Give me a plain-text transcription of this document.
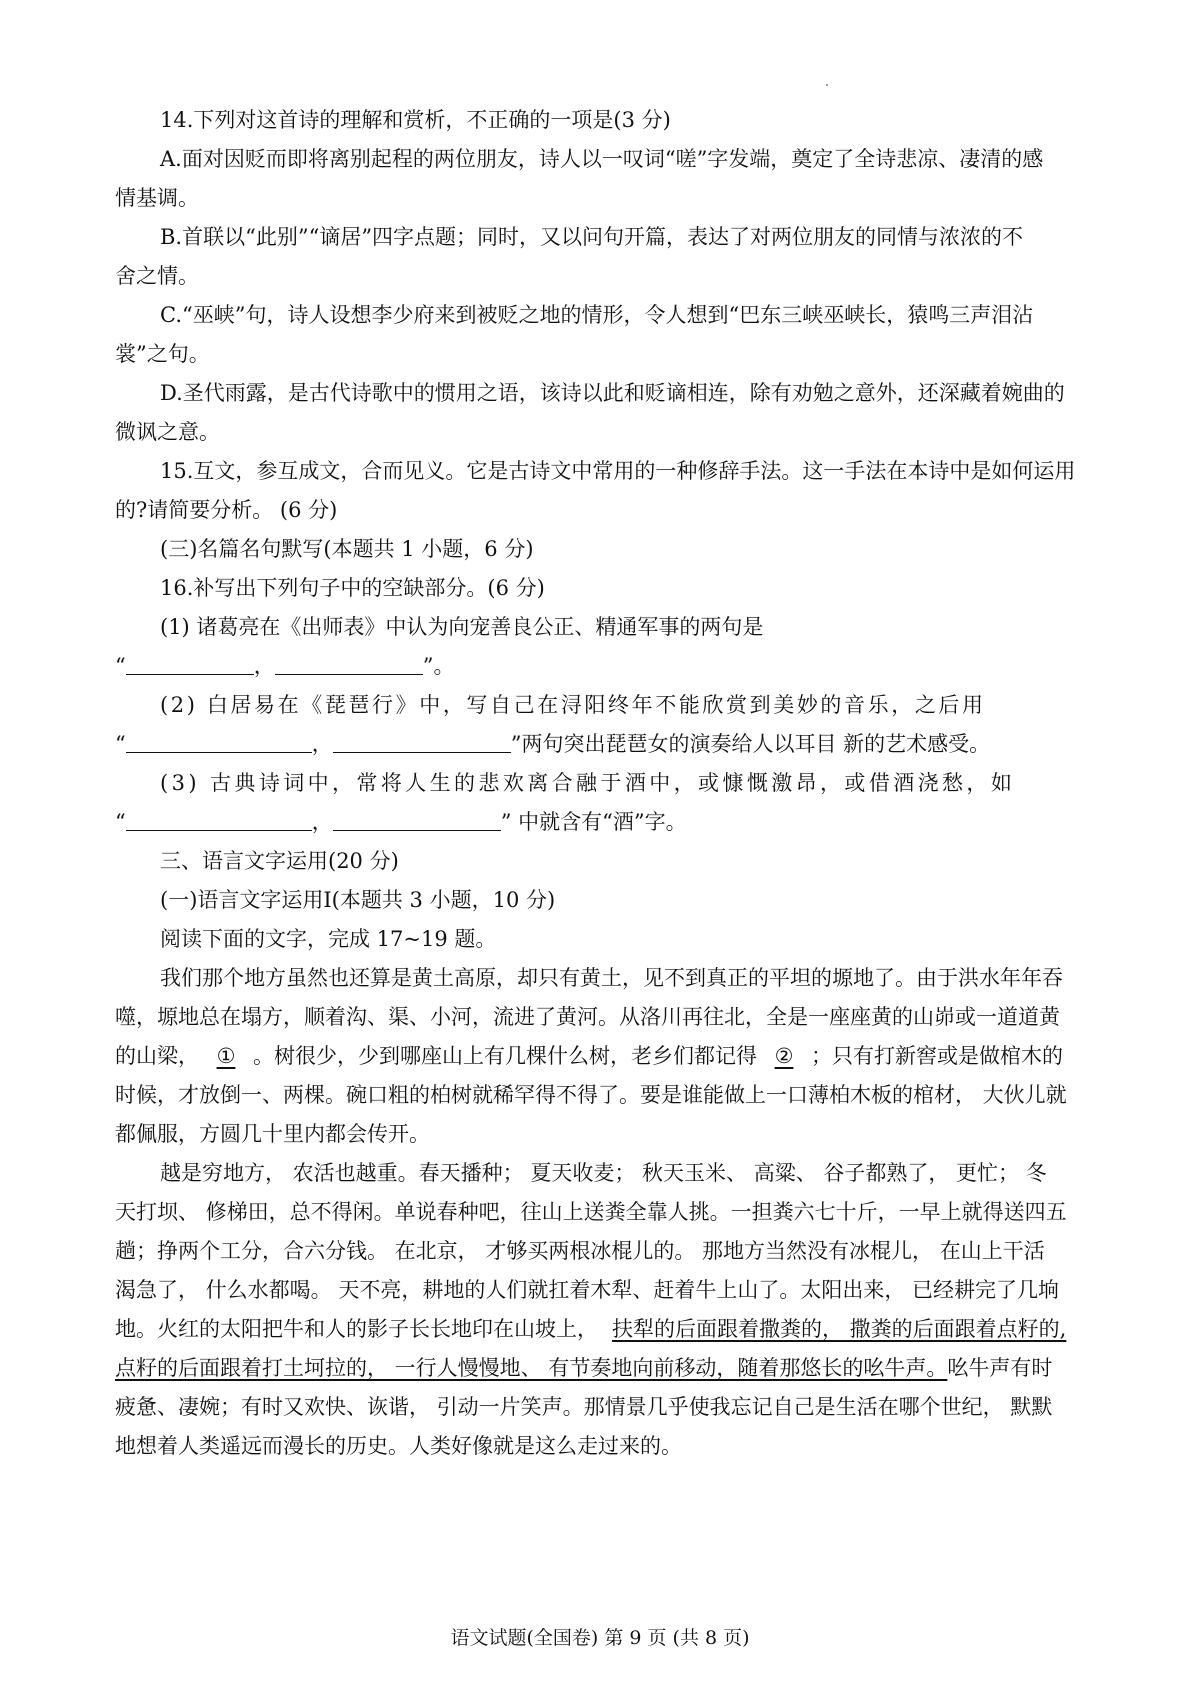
14.下列对这首诗的理解和赏析，不正确的一项是(3 分)
A.面对因贬而即将离别起程的两位朋友，诗人以一叹词“嗟”字发端，奠定了全诗悲凉、凄清的感
情基调。
B.首联以“此别”“谪居”四字点题；同时，又以问句开篇，表达了对两位朋友的同情与浓浓的不
舍之情。
C.“巫峡”句，诗人设想李少府来到被贬之地的情形，令人想到“巴东三峡巫峡长，猿鸣三声泪沾
裳”之句。
D.圣代雨露，是古代诗歌中的惯用之语，该诗以此和贬谪相连，除有劝勉之意外，还深藏着婉曲的
微讽之意。
15.互文，参互成文，合而见义。它是古诗文中常用的一种修辞手法。这一手法在本诗中是如何运用
的?请简要分析。 (6 分)
(三)名篇名句默写(本题共 1 小题，6 分)
16.补写出下列句子中的空缺部分。(6 分)
(1) 诸葛亮在《出师表》中认为向宠善良公正、精通军事的两句是
“	，	”。
(2) 白居易在《琵琶行》中，写自己在浔阳终年不能欣赏到美妙的音乐，之后用
“	，	”两句突出琵琶女的演奏给人以耳目 新的艺术感受。
(3) 古典诗词中，常将人生的悲欢离合融于酒中，或慷慨激昂，或借酒浇愁，如
“	，	” 中就含有“酒”字。
三、语言文字运用(20 分)
(一)语言文字运用Ⅰ(本题共 3 小题，10 分)
阅读下面的文字，完成 17~19 题。
我们那个地方虽然也还算是黄土高原，却只有黄土，见不到真正的平坦的塬地了。由于洪水年年吞
噬，塬地总在塌方，顺着沟、渠、小河，流进了黄河。从洛川再往北，全是一座座黄的山峁或一道道黄
的山梁， ① 。树很少，少到哪座山上有几棵什么树，老乡们都记得 ② ；只有打新窖或是做棺木的
时候，才放倒一、两棵。碗口粗的柏树就稀罕得不得了。要是谁能做上一口薄柏木板的棺材， 大伙儿就
都佩服，方圆几十里内都会传开。
越是穷地方， 农活也越重。春天播种； 夏天收麦； 秋天玉米、 高粱、 谷子都熟了， 更忙； 冬
天打坝、 修梯田，总不得闲。单说春种吧，往山上送粪全靠人挑。一担粪六七十斤，一早上就得送四五
趟；挣两个工分，合六分钱。 在北京， 才够买两根冰棍儿的。 那地方当然没有冰棍儿， 在山上干活
渴急了， 什么水都喝。 天不亮，耕地的人们就扛着木犁、赶着牛上山了。太阳出来， 已经耕完了几垧
地。火红的太阳把牛和人的影子长长地印在山坡上， 扶犁的后面跟着撒粪的， 撒粪的后面跟着点籽的,
点籽的后面跟着打土坷拉的， 一行人慢慢地、 有节奏地向前移动，随着那悠长的吆牛声。吆牛声有时
疲惫、凄婉；有时又欢快、诙谐， 引动一片笑声。那情景几乎使我忘记自己是生活在哪个世纪， 默默
地想着人类遥远而漫长的历史。人类好像就是这么走过来的。
语文试题(全国卷) 第 9 页 (共 8 页)
